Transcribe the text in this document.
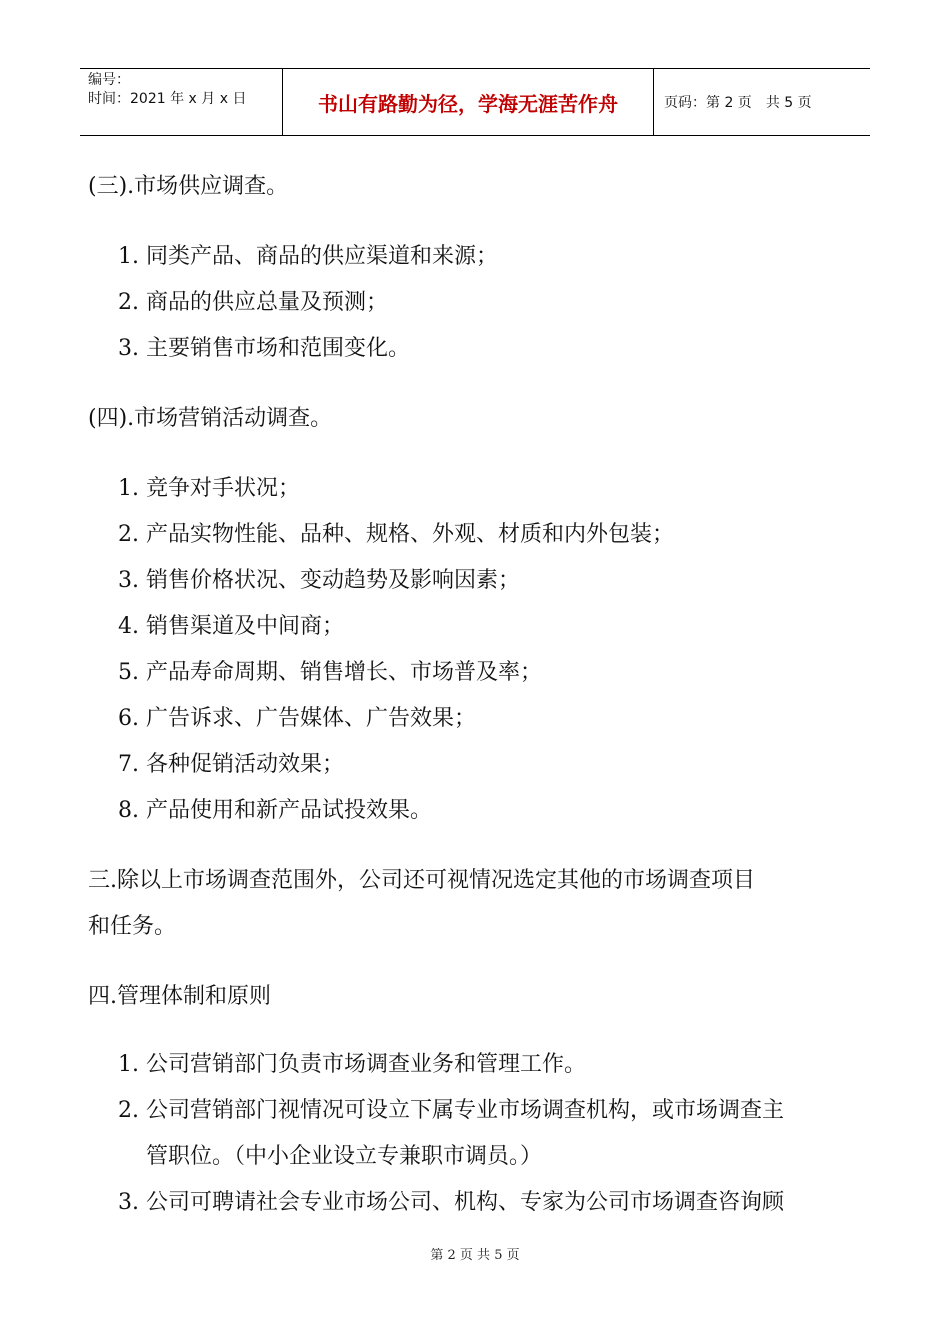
编号：
时间：2021 年 x 月 x 日	书山有路勤为径，学海无涯苦作舟	页码：第 2 页 共 5 页
(三).市场供应调查。
1. 同类产品、商品的供应渠道和来源；
2. 商品的供应总量及预测；
3. 主要销售市场和范围变化。
(四).市场营销活动调查。
1. 竞争对手状况；
2. 产品实物性能、品种、规格、外观、材质和内外包装；
3. 销售价格状况、变动趋势及影响因素；
4. 销售渠道及中间商；
5. 产品寿命周期、销售增长、市场普及率；
6. 广告诉求、广告媒体、广告效果；
7. 各种促销活动效果；
8. 产品使用和新产品试投效果。
三.除以上市场调查范围外，公司还可视情况选定其他的市场调查项目
和任务。
四.管理体制和原则
1. 公司营销部门负责市场调查业务和管理工作。
2. 公司营销部门视情况可设立下属专业市场调查机构，或市场调查主
管职位。（中小企业设立专兼职市调员。）
3. 公司可聘请社会专业市场公司、机构、专家为公司市场调查咨询顾
第 2 页 共 5 页
